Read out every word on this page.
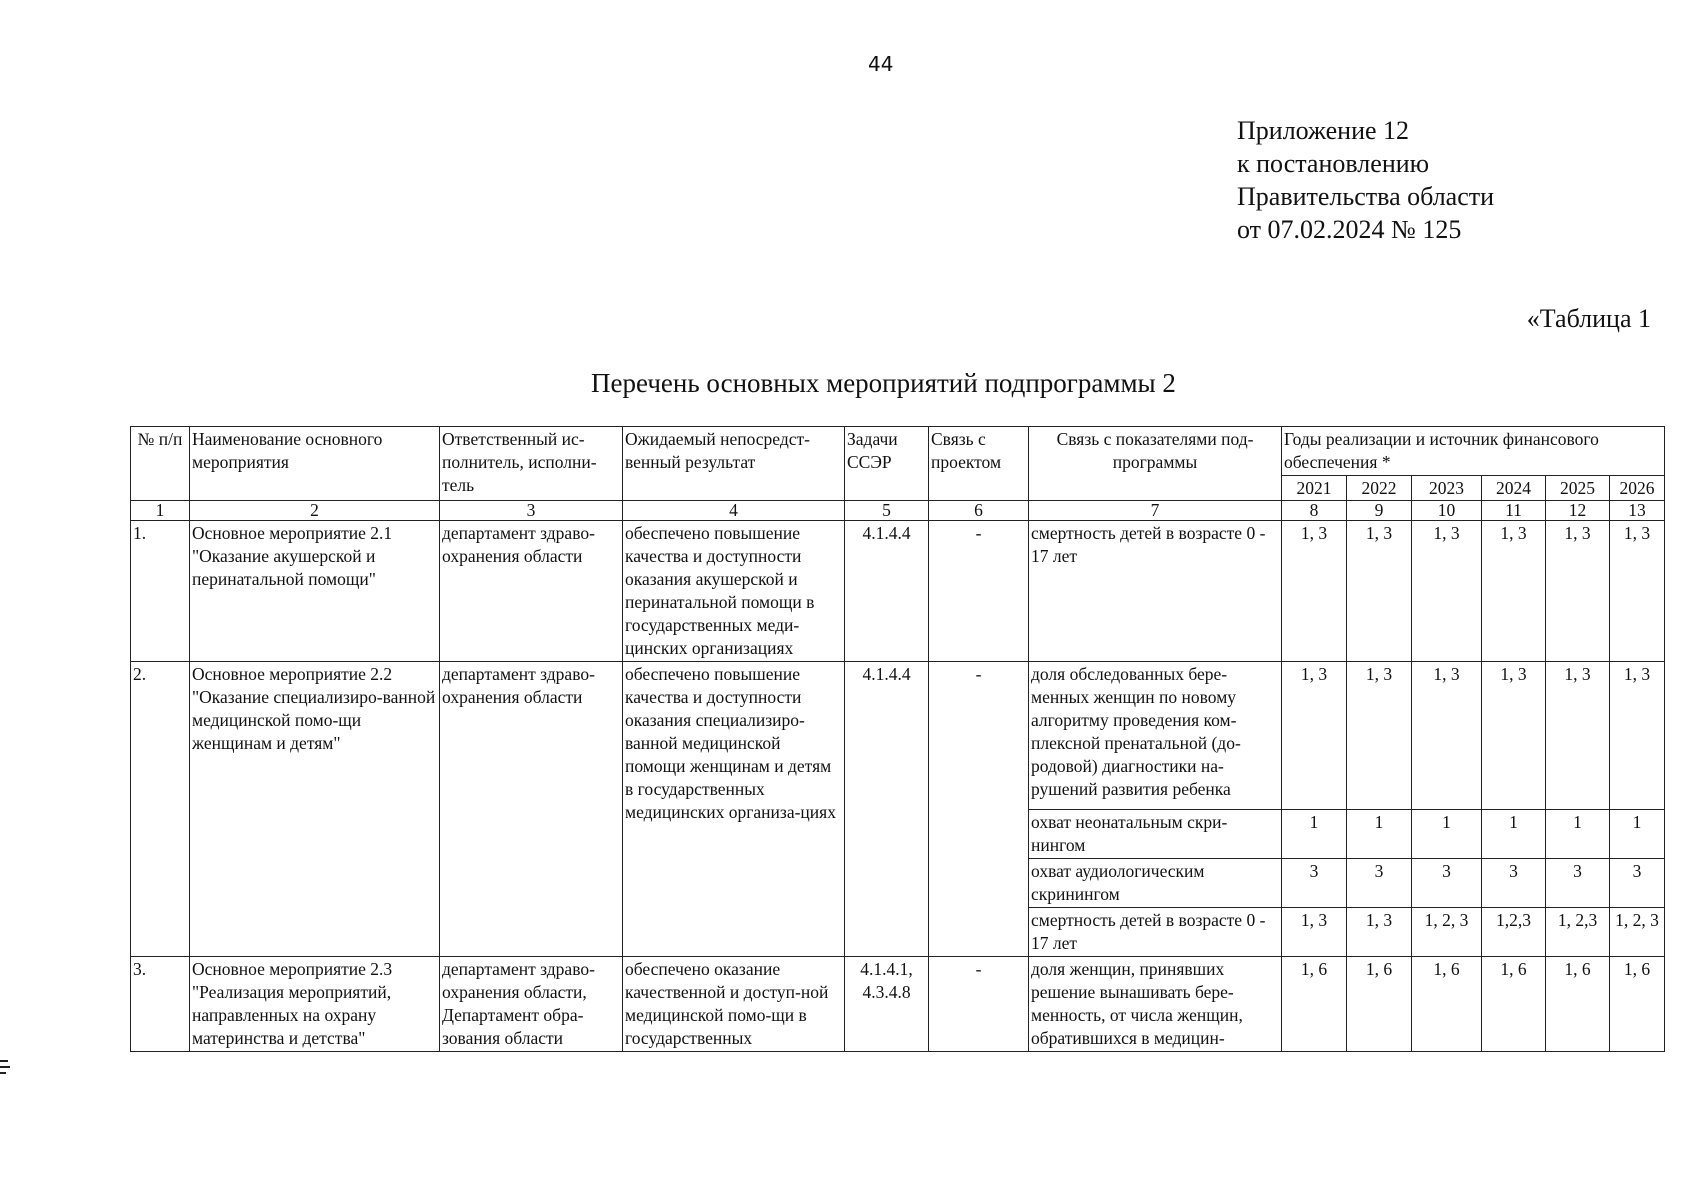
44
Приложение 12
к постановлению
Правительства области
от 07.02.2024 № 125
«Таблица 1
Перечень основных мероприятий подпрограммы 2
№ п/п	Наименование основного мероприятия	Ответственный ис-полнитель, исполни-тель	Ожидаемый непосредст-венный результат	Задачи ССЭР	Связь с проектом	Связь с показателями под-программы	Годы реализации и источник финансового обеспечения *					
							2021	2022	2023	2024	2025	2026
1	2	3	4	5	6	7	8	9	10	11	12	13
1.	Основное мероприятие 2.1 "Оказание акушерской и перинатальной помощи"	департамент здраво-охранения области	обеспечено повышение качества и доступности оказания акушерской и перинатальной помощи в государственных меди-цинских организациях	4.1.4.4	-	смертность детей в возрасте 0 - 17 лет	1, 3	1, 3	1, 3	1, 3	1, 3	1, 3
2.	Основное мероприятие 2.2 "Оказание специализиро-ванной медицинской помо-щи женщинам и детям"	департамент здраво-охранения области	обеспечено повышение качества и доступности оказания специализиро-ванной медицинской помощи женщинам и детям в государственных медицинских организа-циях	4.1.4.4	-	доля обследованных бере-менных женщин по новому алгоритму проведения ком-плексной пренатальной (до-родовой) диагностики на-рушений развития ребенка	1, 3	1, 3	1, 3	1, 3	1, 3	1, 3
						охват неонатальным скри-нингом	1	1	1	1	1	1
						охват аудиологическим скринингом	3	3	3	3	3	3
						смертность детей в возрасте 0 - 17 лет	1, 3	1, 3	1, 2, 3	1,2,3	1, 2,3	1, 2, 3
3.	Основное мероприятие 2.3 "Реализация мероприятий, направленных на охрану материнства и детства"	департамент здраво-охранения области, Департамент обра-зования области	обеспечено оказание качественной и доступ-ной медицинской помо-щи в государственных	4.1.4.1, 4.3.4.8	-	доля женщин, принявших решение вынашивать бере-менность, от числа женщин, обратившихся в медицин-	1, 6	1, 6	1, 6	1, 6	1, 6	1, 6
